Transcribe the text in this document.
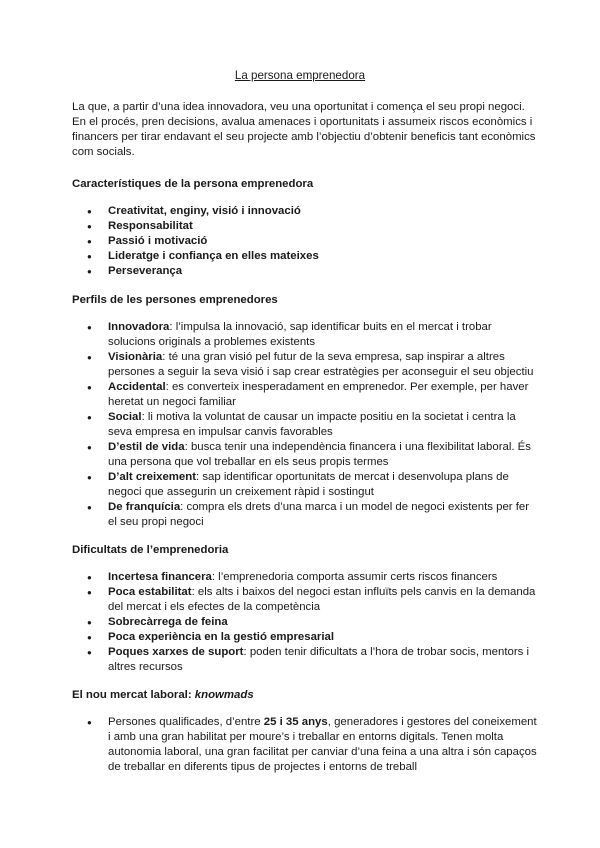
La persona emprenedora

La que, a partir d’una idea innovadora, veu una oportunitat i comença el seu propi negoci. En el procés, pren decisions, avalua amenaces i oportunitats i assumeix riscos econòmics i financers per tirar endavant el seu projecte amb l’objectiu d’obtenir beneficis tant econòmics com socials.

Característiques de la persona emprenedora

● Creativitat, enginy, visió i innovació
● Responsabilitat
● Passió i motivació
● Lideratge i confiança en elles mateixes
● Perseverança

Perfils de les persones emprenedores

● Innovadora: l’impulsa la innovació, sap identificar buits en el mercat i trobar solucions originals a problemes existents
● Visionària: té una gran visió pel futur de la seva empresa, sap inspirar a altres persones a seguir la seva visió i sap crear estratègies per aconseguir el seu objectiu
● Accidental: es converteix inesperadament en emprenedor. Per exemple, per haver heretat un negoci familiar
● Social: li motiva la voluntat de causar un impacte positiu en la societat i centra la seva empresa en impulsar canvis favorables
● D’estil de vida: busca tenir una independència financera i una flexibilitat laboral. És una persona que vol treballar en els seus propis termes
● D’alt creixement: sap identificar oportunitats de mercat i desenvolupa plans de negoci que assegurin un creixement ràpid i sostingut
● De franquícia: compra els drets d’una marca i un model de negoci existents per fer el seu propi negoci

Dificultats de l’emprenedoria

● Incertesa financera: l’emprenedoria comporta assumir certs riscos financers
● Poca estabilitat: els alts i baixos del negoci estan influïts pels canvis en la demanda del mercat i els efectes de la competència
● Sobrecàrrega de feina
● Poca experiència en la gestió empresarial
● Poques xarxes de suport: poden tenir dificultats a l’hora de trobar socis, mentors i altres recursos

El nou mercat laboral: knowmads

● Persones qualificades, d’entre 25 i 35 anys, generadores i gestores del coneixement i amb una gran habilitat per moure’s i treballar en entorns digitals. Tenen molta autonomia laboral, una gran facilitat per canviar d’una feina a una altra i són capaços de treballar en diferents tipus de projectes i entorns de treball
